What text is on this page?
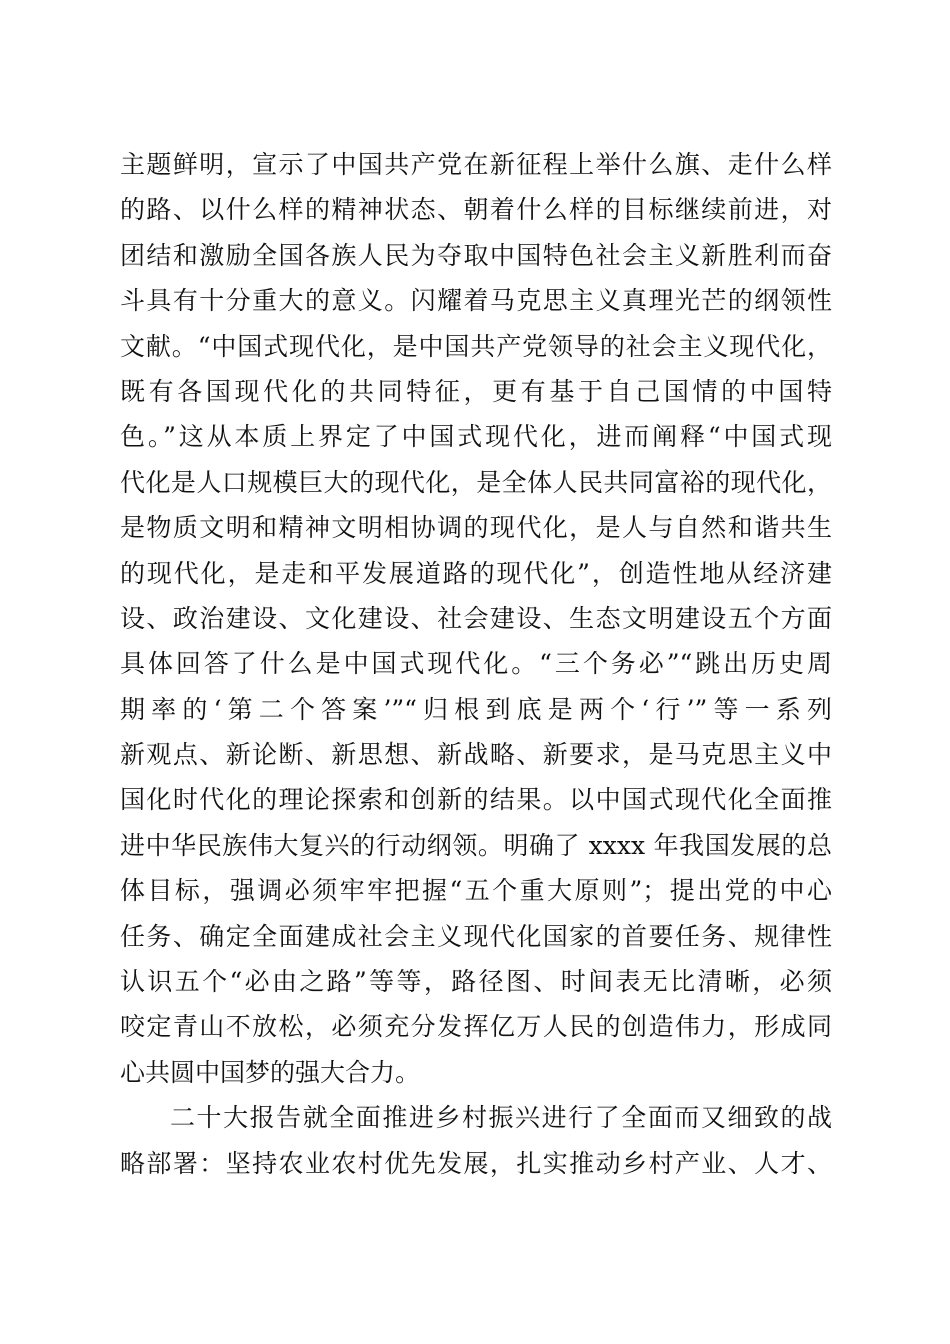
主题鲜明，宣示了中国共产党在新征程上举什么旗、走什么样
的路、以什么样的精神状态、朝着什么样的目标继续前进，对
团结和激励全国各族人民为夺取中国特色社会主义新胜利而奋
斗具有十分重大的意义。闪耀着马克思主义真理光芒的纲领性
文献。“中国式现代化，是中国共产党领导的社会主义现代化，
既有各国现代化的共同特征，更有基于自己国情的中国特
色。”这从本质上界定了中国式现代化，进而阐释“中国式现
代化是人口规模巨大的现代化，是全体人民共同富裕的现代化，
是物质文明和精神文明相协调的现代化，是人与自然和谐共生
的现代化，是走和平发展道路的现代化”，创造性地从经济建
设、政治建设、文化建设、社会建设、生态文明建设五个方面
具体回答了什么是中国式现代化。“三个务必”“跳出历史周
期率的‘第二个答案’”“归根到底是两个‘行’”等一系列
新观点、新论断、新思想、新战略、新要求，是马克思主义中
国化时代化的理论探索和创新的结果。以中国式现代化全面推
进中华民族伟大复兴的行动纲领。明确了 xxxx 年我国发展的总
体目标，强调必须牢牢把握“五个重大原则”；提出党的中心
任务、确定全面建成社会主义现代化国家的首要任务、规律性
认识五个“必由之路”等等，路径图、时间表无比清晰，必须
咬定青山不放松，必须充分发挥亿万人民的创造伟力，形成同
心共圆中国梦的强大合力。
二十大报告就全面推进乡村振兴进行了全面而又细致的战
略部署：坚持农业农村优先发展，扎实推动乡村产业、人才、
